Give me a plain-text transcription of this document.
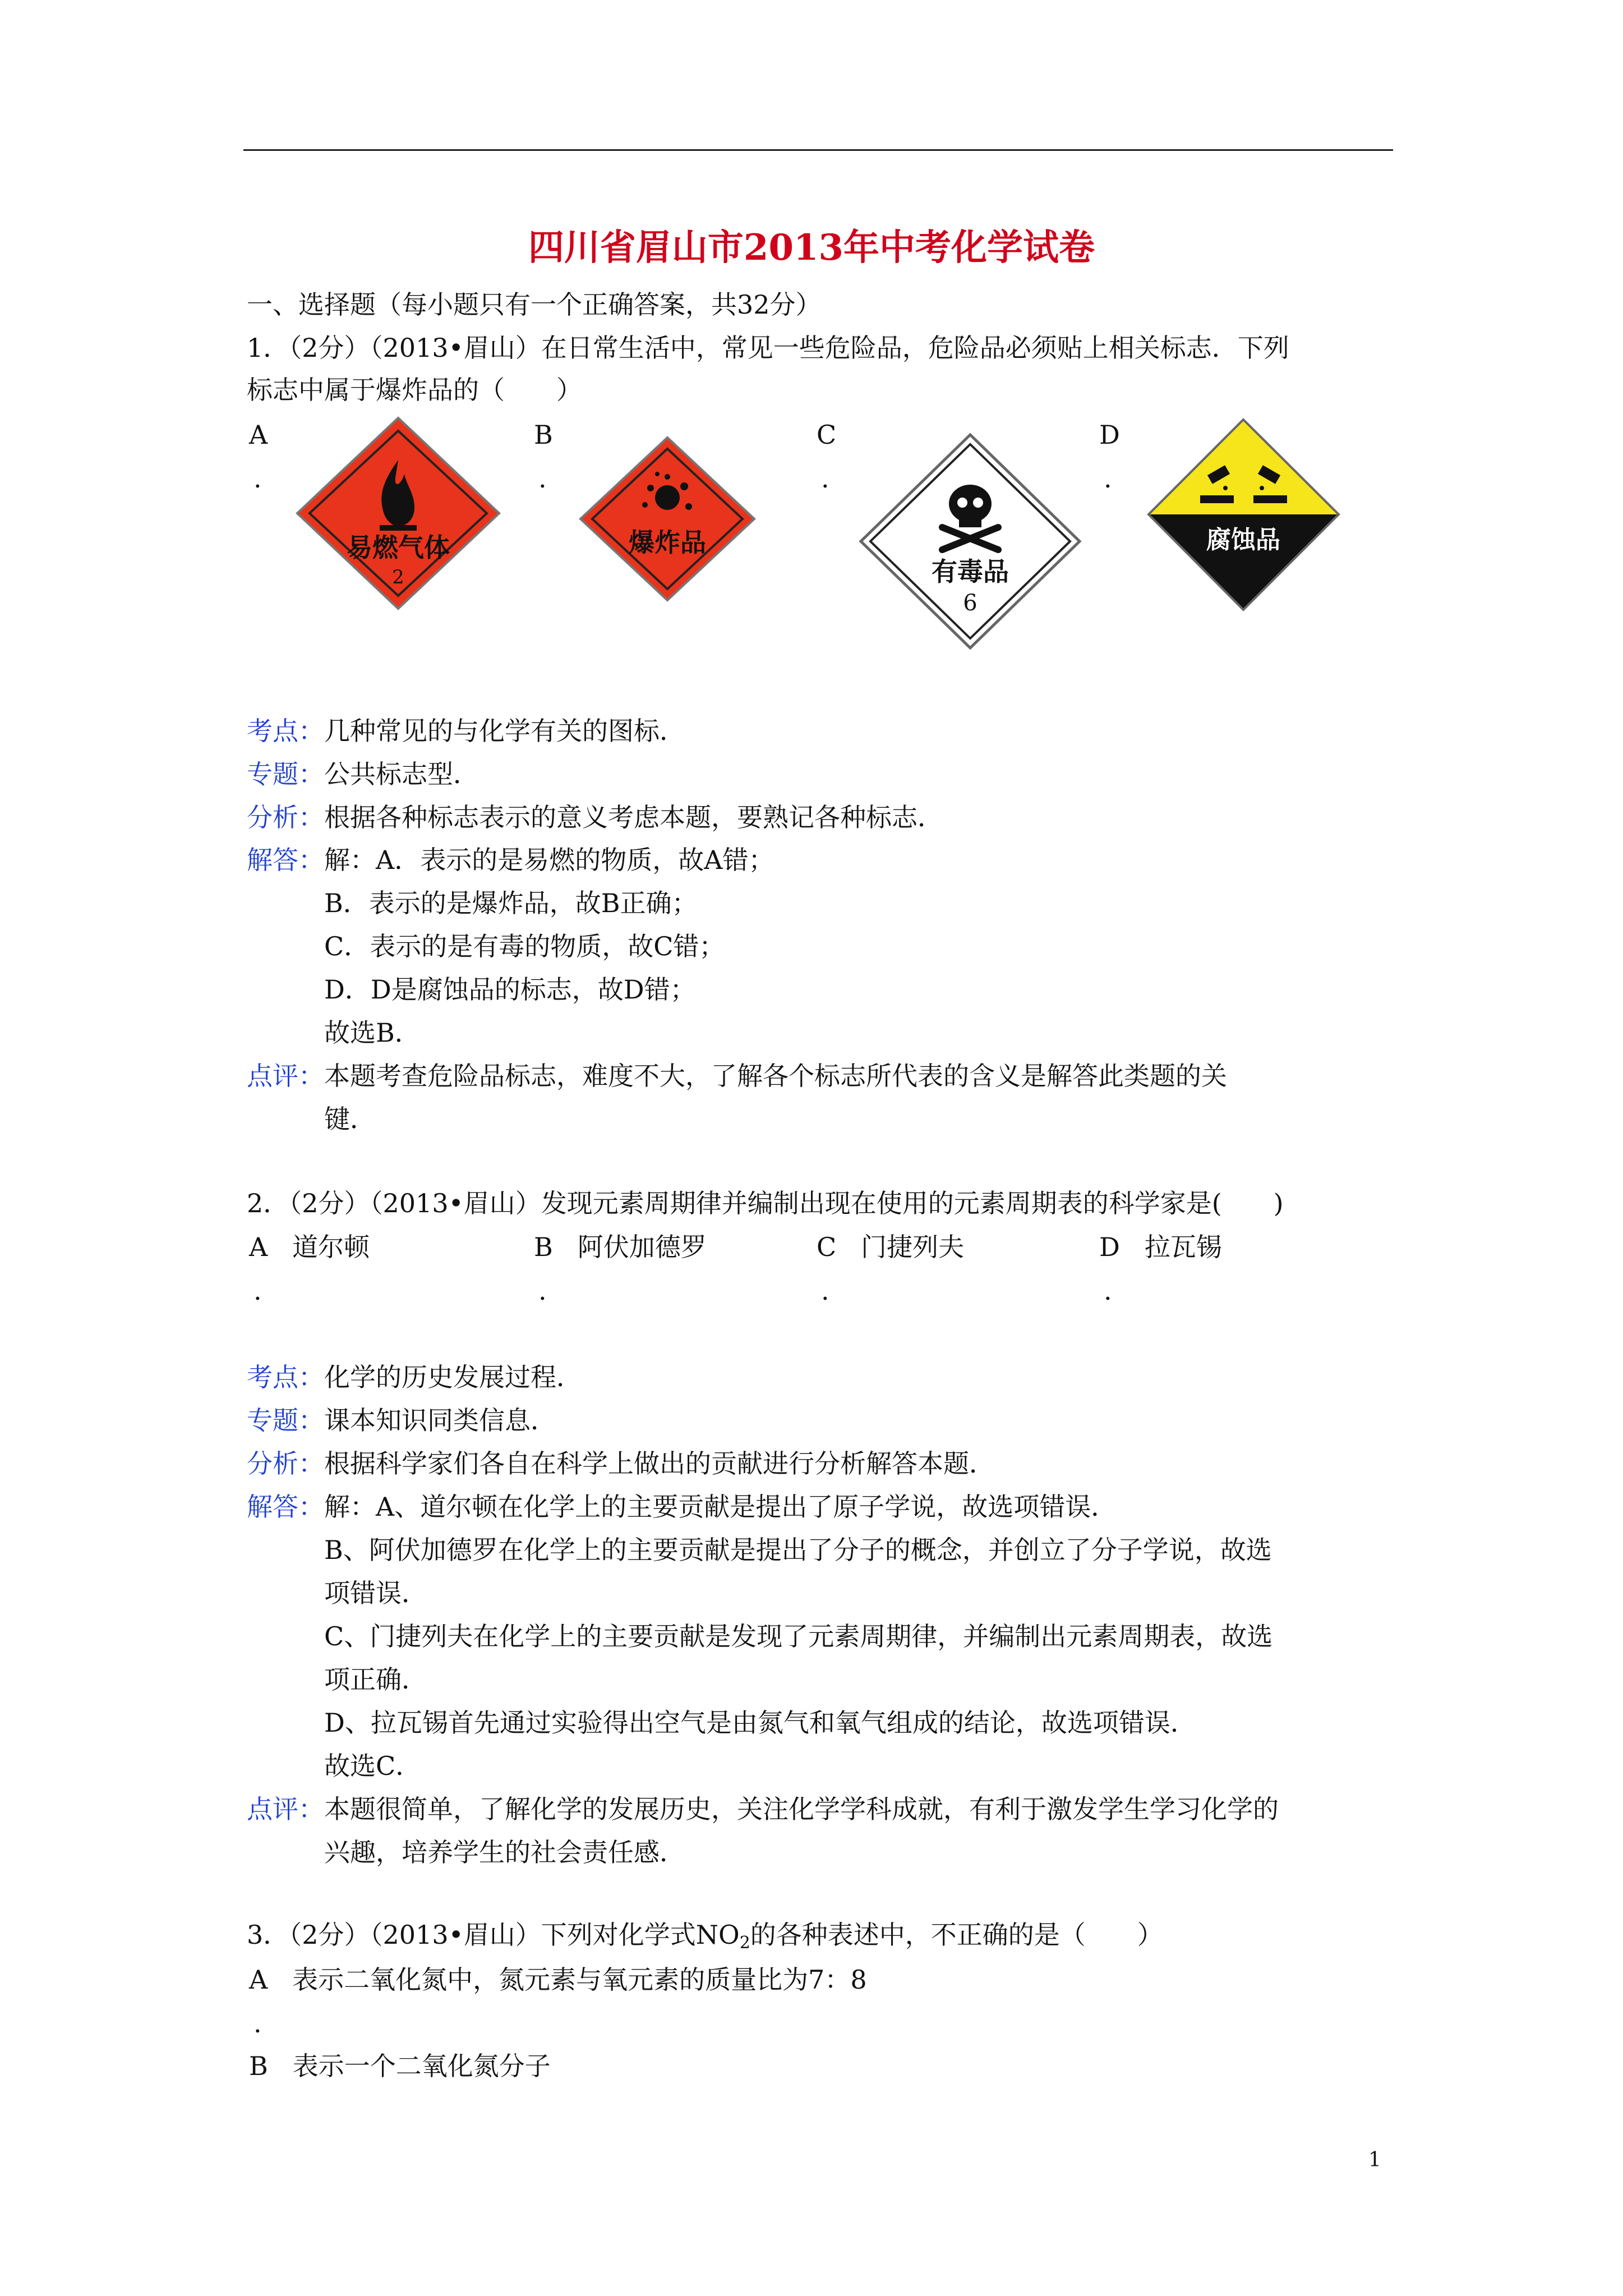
四川省眉山市2013年中考化学试卷
一、选择题（每小题只有一个正确答案，共32分）
1．（2分）（2013•眉山）在日常生活中，常见一些危险品，危险品必须贴上相关标志．下列
标志中属于爆炸品的（　　）
A
.
B
.
C
.
D
.
易燃气体
2
爆炸品
有毒品
6
腐蚀品
考点：几种常见的与化学有关的图标．
专题：公共标志型．
分析：根据各种标志表示的意义考虑本题，要熟记各种标志．
解答：解：A．表示的是易燃的物质，故A错；
B．表示的是爆炸品，故B正确；
C．表示的是有毒的物质，故C错；
D．D是腐蚀品的标志，故D错；
故选B．
点评：本题考查危险品标志，难度不大，了解各个标志所代表的含义是解答此类题的关
键．
2．（2分）（2013•眉山）发现元素周期律并编制出现在使用的元素周期表的科学家是(　　)
A 道尔顿
.
B 阿伏加德罗
.
C 门捷列夫
.
D 拉瓦锡
.
考点：化学的历史发展过程．
专题：课本知识同类信息．
分析：根据科学家们各自在科学上做出的贡献进行分析解答本题．
解答：解：A、道尔顿在化学上的主要贡献是提出了原子学说，故选项错误．
B、阿伏加德罗在化学上的主要贡献是提出了分子的概念，并创立了分子学说，故选
项错误．
C、门捷列夫在化学上的主要贡献是发现了元素周期律，并编制出元素周期表，故选
项正确．
D、拉瓦锡首先通过实验得出空气是由氮气和氧气组成的结论，故选项错误．
故选C．
点评：本题很简单，了解化学的发展历史，关注化学学科成就，有利于激发学生学习化学的
兴趣，培养学生的社会责任感．
3．（2分）（2013•眉山）下列对化学式$NO_2$的各种表述中，不正确的是（　　）
A 表示二氧化氮中，氮元素与氧元素的质量比为7：8
.
B 表示一个二氧化氮分子
1
